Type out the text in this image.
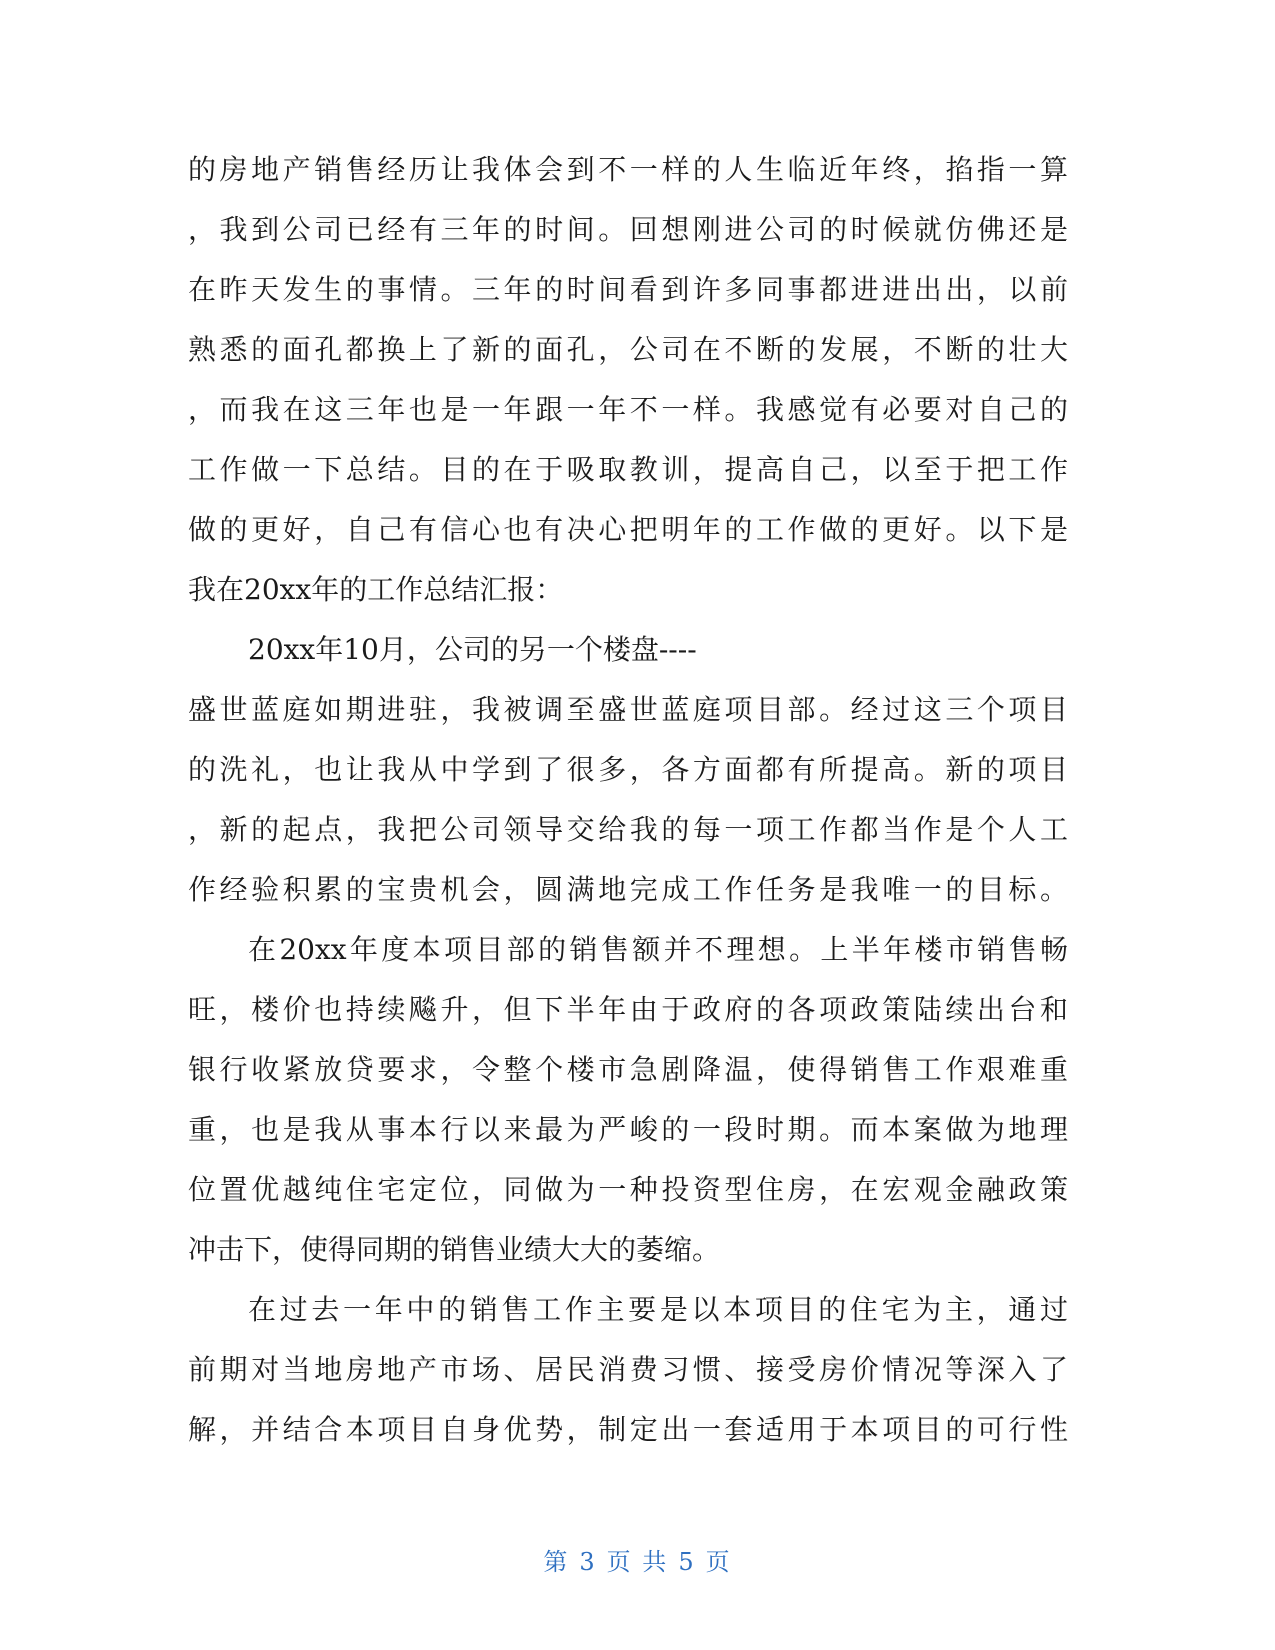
的房地产销售经历让我体会到不一样的人生临近年终，掐指一算
，我到公司已经有三年的时间。回想刚进公司的时候就仿佛还是
在昨天发生的事情。三年的时间看到许多同事都进进出出，以前
熟悉的面孔都换上了新的面孔，公司在不断的发展，不断的壮大
，而我在这三年也是一年跟一年不一样。我感觉有必要对自己的
工作做一下总结。目的在于吸取教训，提高自己，以至于把工作
做的更好，自己有信心也有决心把明年的工作做的更好。以下是
我在20xx年的工作总结汇报：
20xx年10月，公司的另一个楼盘----
盛世蓝庭如期进驻，我被调至盛世蓝庭项目部。经过这三个项目
的洗礼，也让我从中学到了很多，各方面都有所提高。新的项目
，新的起点，我把公司领导交给我的每一项工作都当作是个人工
作经验积累的宝贵机会，圆满地完成工作任务是我唯一的目标。
在20xx年度本项目部的销售额并不理想。上半年楼市销售畅
旺，楼价也持续飚升，但下半年由于政府的各项政策陆续出台和
银行收紧放贷要求，令整个楼市急剧降温，使得销售工作艰难重
重，也是我从事本行以来最为严峻的一段时期。而本案做为地理
位置优越纯住宅定位，同做为一种投资型住房，在宏观金融政策
冲击下，使得同期的销售业绩大大的萎缩。
在过去一年中的销售工作主要是以本项目的住宅为主，通过
前期对当地房地产市场、居民消费习惯、接受房价情况等深入了
解，并结合本项目自身优势，制定出一套适用于本项目的可行性
第 3 页 共 5 页
